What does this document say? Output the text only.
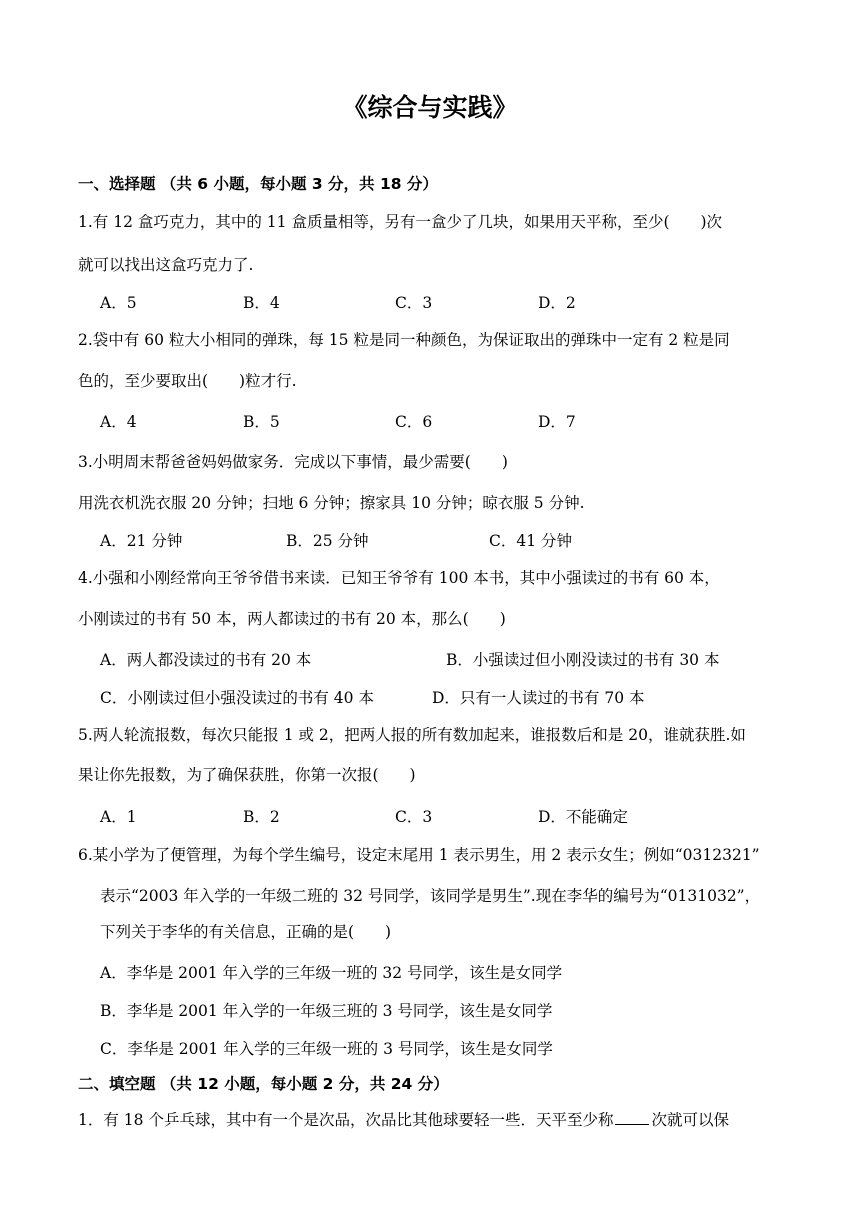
《综合与实践》
一、选择题 （共 6 小题，每小题 3 分，共 18 分）
1.有 12 盒巧克力，其中的 11 盒质量相等，另有一盒少了几块，如果用天平称，至少(　　)次
就可以找出这盒巧克力了.
A．5	B．4	C．3	D．2
2.袋中有 60 粒大小相同的弹珠，每 15 粒是同一种颜色，为保证取出的弹珠中一定有 2 粒是同
色的，至少要取出(　　)粒才行.
A．4	B．5	C．6	D．7
3.小明周末帮爸爸妈妈做家务．完成以下事情，最少需要(　　)
用洗衣机洗衣服 20 分钟；扫地 6 分钟；擦家具 10 分钟；晾衣服 5 分钟.
A．21 分钟	B．25 分钟	C．41 分钟
4.小强和小刚经常向王爷爷借书来读．已知王爷爷有 100 本书，其中小强读过的书有 60 本，
小刚读过的书有 50 本，两人都读过的书有 20 本，那么(　　)
A．两人都没读过的书有 20 本	B．小强读过但小刚没读过的书有 30 本
C．小刚读过但小强没读过的书有 40 本	D．只有一人读过的书有 70 本
5.两人轮流报数，每次只能报 1 或 2，把两人报的所有数加起来，谁报数后和是 20，谁就获胜.如
果让你先报数，为了确保获胜，你第一次报(　　)
A．1	B．2	C．3	D．不能确定
6.某小学为了便管理，为每个学生编号，设定末尾用 1 表示男生，用 2 表示女生；例如“0312321”
表示“2003 年入学的一年级二班的 32 号同学，该同学是男生”.现在李华的编号为“0131032”，
下列关于李华的有关信息，正确的是(　　)
A．李华是 2001 年入学的三年级一班的 32 号同学，该生是女同学
B．李华是 2001 年入学的一年级三班的 3 号同学，该生是女同学
C．李华是 2001 年入学的三年级一班的 3 号同学，该生是女同学
二、填空题 （共 12 小题，每小题 2 分，共 24 分）
1．有 18 个乒乓球，其中有一个是次品，次品比其他球要轻一些．天平至少称 次就可以保
